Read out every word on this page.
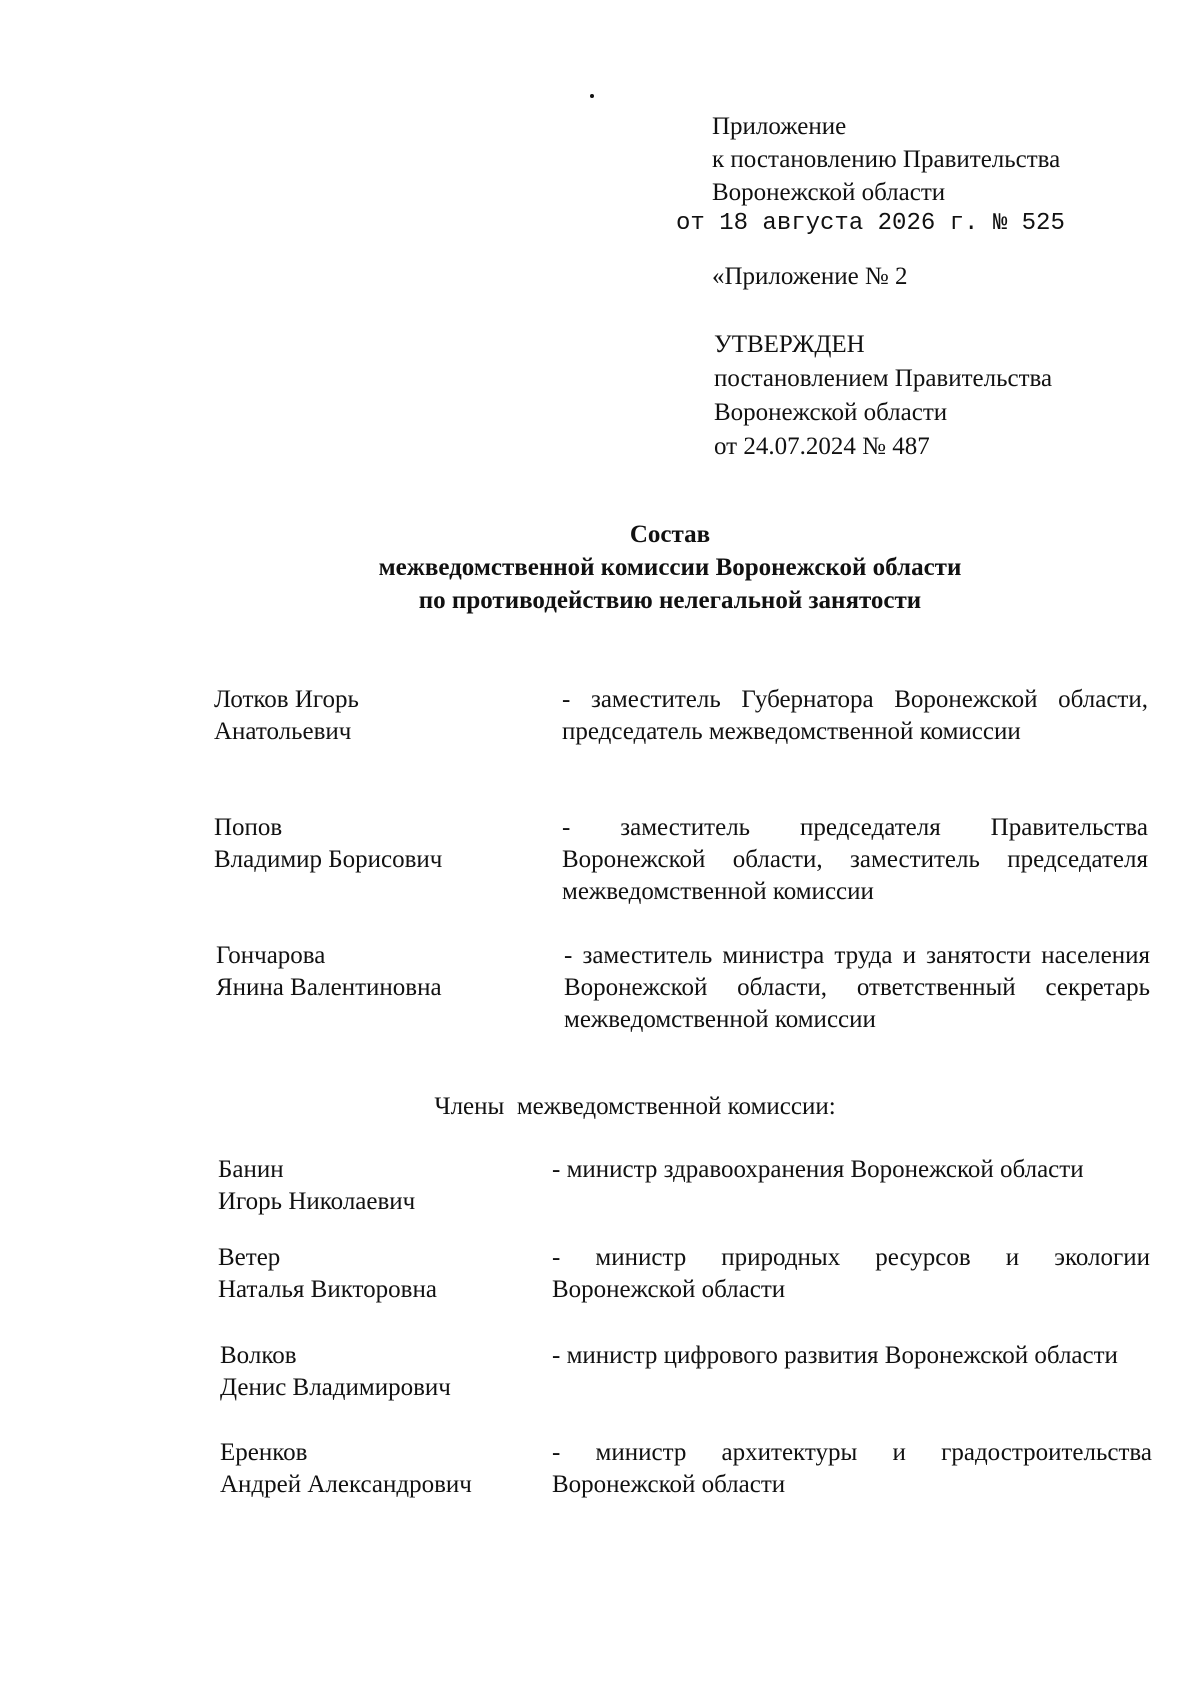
Приложение
к постановлению Правительства
Воронежской области
от 18 августа 2026 г. № 525
«Приложение № 2
УТВЕРЖДЕН
постановлением Правительства
Воронежской области
от 24.07.2024 № 487
Состав
межведомственной комиссии Воронежской области
по противодействию нелегальной занятости
Лотков Игорь
Анатольевич
- заместитель Губернатора Воронежской области, председатель межведомственной комиссии
Попов
Владимир Борисович
- заместитель председателя Правительства Воронежской области, заместитель председателя межведомственной комиссии
Гончарова
Янина Валентиновна
- заместитель министра труда и занятости населения Воронежской области, ответственный секретарь межведомственной комиссии
Члены  межведомственной комиссии:
Банин
Игорь Николаевич
- министр здравоохранения Воронежской области
Ветер
Наталья Викторовна
- министр природных ресурсов и экологии Воронежской области
Волков
Денис Владимирович
- министр цифрового развития Воронежской области
Еренков
Андрей Александрович
- министр архитектуры и градостроительства Воронежской области
